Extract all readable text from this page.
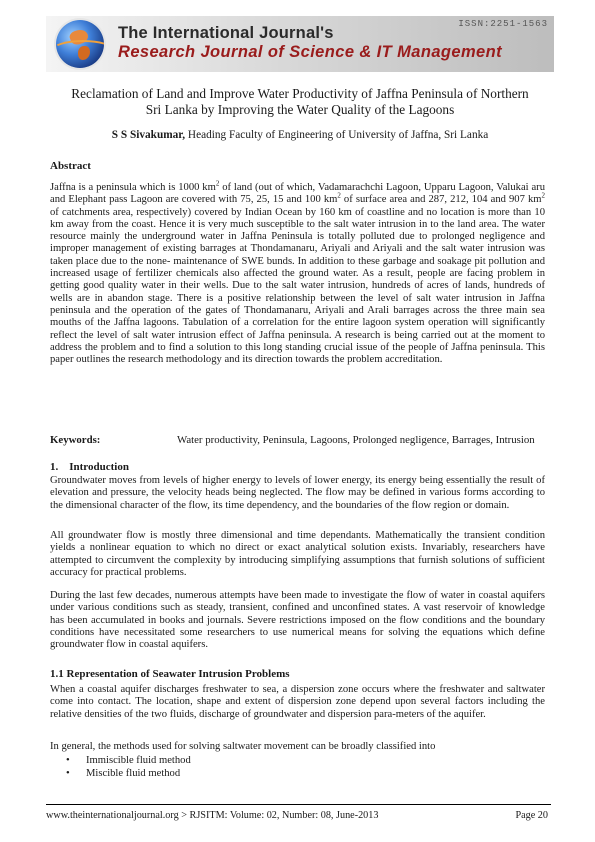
The International Journal's
Research Journal of Science & IT Management
ISSN:2251-1563
Reclamation of Land and Improve Water Productivity of Jaffna Peninsula of Northern
Sri Lanka by Improving the Water Quality of the Lagoons
S S Sivakumar, Heading Faculty of Engineering of University of Jaffna, Sri Lanka
Abstract
Jaffna is a peninsula which is 1000 $km^2$ of land (out of which, Vadamarachchi Lagoon, Upparu Lagoon, Valukai aru and Elephant pass Lagoon are covered with 75, 25, 15 and 100 $km^2$ of surface area and 287, 212, 104 and 907 $km^2$ of catchments area, respectively) covered by Indian Ocean by 160 km of coastline and no location is more than 10 km away from the coast. Hence it is very much susceptible to the salt water intrusion in to the land area. The water resource mainly the underground water in Jaffna Peninsula is totally polluted due to prolonged negligence and improper management of existing barrages at Thondamanaru, Ariyali and Ariyali and the salt water intrusion was taken place due to the none- maintenance of SWE bunds. In addition to these garbage and soakage pit pollution and increased usage of fertilizer chemicals also affected the ground water. As a result, people are facing problem in getting good quality water in their wells. Due to the salt water intrusion, hundreds of acres of lands, hundreds of wells are in abandon stage. There is a positive relationship between the level of salt water intrusion in Jaffna peninsula and the operation of the gates of Thondamanaru, Ariyali and Arali barrages across the three main sea mouths of the Jaffna lagoons. Tabulation of a correlation for the entire lagoon system operation will significantly reflect the level of salt water intrusion effect of Jaffna peninsula. A research is being carried out at the moment to address the problem and to find a solution to this long standing crucial issue of the people of Jaffna peninsula. This paper outlines the research methodology and its direction towards the problem accreditation.
Keywords:	Water productivity, Peninsula, Lagoons, Prolonged negligence, Barrages, Intrusion
1.    Introduction
Groundwater moves from levels of higher energy to levels of lower energy, its energy being essentially the result of elevation and pressure, the velocity heads being neglected. The flow may be defined in various forms according to the dimensional character of the flow, its time dependency, and the boundaries of the flow region or domain.
All groundwater flow is mostly three dimensional and time dependants. Mathematically the transient condition yields a nonlinear equation to which no direct or exact analytical solution exists. Invariably, researchers have attempted to circumvent the complexity by introducing simplifying assumptions that furnish solutions of sufficient accuracy for practical problems.
During the last few decades, numerous attempts have been made to investigate the flow of water in coastal aquifers under various conditions such as steady, transient, confined and unconfined states. A vast reservoir of knowledge has been accumulated in books and journals. Severe restrictions imposed on the flow conditions and the boundary conditions have necessitated some researchers to use numerical means for solving the equations which define groundwater flow in coastal aquifers.
1.1 Representation of Seawater Intrusion Problems
When a coastal aquifer discharges freshwater to sea, a dispersion zone occurs where the freshwater and saltwater come into contact. The location, shape and extent of dispersion zone depend upon several factors including the relative densities of the two fluids, discharge of groundwater and dispersion para-meters of the aquifer.
In general, the methods used for solving saltwater movement can be broadly classified into
• Immiscible fluid method
• Miscible fluid method
www.theinternationaljournal.org > RJSITM: Volume: 02, Number: 08, June-2013	Page 20
